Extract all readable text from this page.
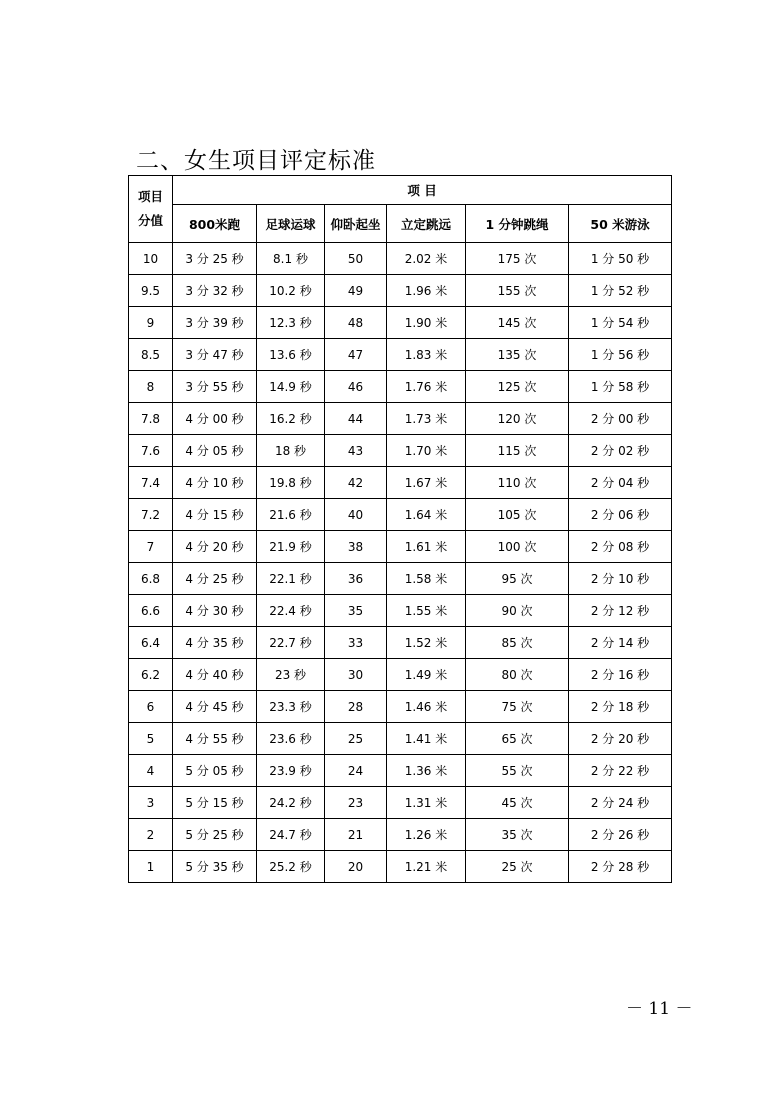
二、女生项目评定标准
项目
分值	项 目					
	800米跑	足球运球	仰卧起坐	立定跳远	1 分钟跳绳	50 米游泳
10	3 分 25 秒	8.1 秒	50	2.02 米	175 次	1 分 50 秒
9.5	3 分 32 秒	10.2 秒	49	1.96 米	155 次	1 分 52 秒
9	3 分 39 秒	12.3 秒	48	1.90 米	145 次	1 分 54 秒
8.5	3 分 47 秒	13.6 秒	47	1.83 米	135 次	1 分 56 秒
8	3 分 55 秒	14.9 秒	46	1.76 米	125 次	1 分 58 秒
7.8	4 分 00 秒	16.2 秒	44	1.73 米	120 次	2 分 00 秒
7.6	4 分 05 秒	18 秒	43	1.70 米	115 次	2 分 02 秒
7.4	4 分 10 秒	19.8 秒	42	1.67 米	110 次	2 分 04 秒
7.2	4 分 15 秒	21.6 秒	40	1.64 米	105 次	2 分 06 秒
7	4 分 20 秒	21.9 秒	38	1.61 米	100 次	2 分 08 秒
6.8	4 分 25 秒	22.1 秒	36	1.58 米	95 次	2 分 10 秒
6.6	4 分 30 秒	22.4 秒	35	1.55 米	90 次	2 分 12 秒
6.4	4 分 35 秒	22.7 秒	33	1.52 米	85 次	2 分 14 秒
6.2	4 分 40 秒	23 秒	30	1.49 米	80 次	2 分 16 秒
6	4 分 45 秒	23.3 秒	28	1.46 米	75 次	2 分 18 秒
5	4 分 55 秒	23.6 秒	25	1.41 米	65 次	2 分 20 秒
4	5 分 05 秒	23.9 秒	24	1.36 米	55 次	2 分 22 秒
3	5 分 15 秒	24.2 秒	23	1.31 米	45 次	2 分 24 秒
2	5 分 25 秒	24.7 秒	21	1.26 米	35 次	2 分 26 秒
1	5 分 35 秒	25.2 秒	20	1.21 米	25 次	2 分 28 秒
－ 11 －
